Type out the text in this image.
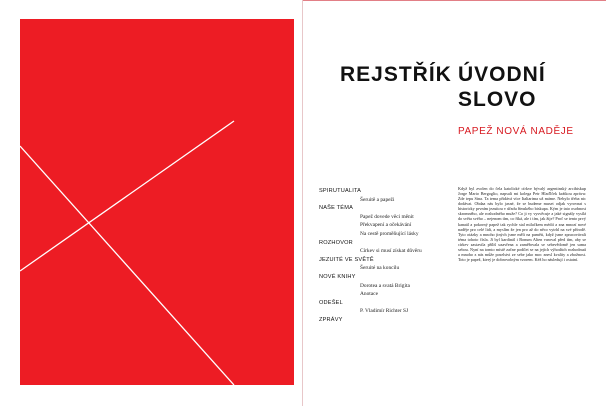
REJSTŘÍK ÚVODNÍ SLOVO
PAPEŽ NOVÁ NADĚJE
SPIRUTUALITA
Šeruitě a papeži
NAŠE TÉMA
Papež dovede věci měnit
Překvapení a očekávání
Na cestě proměňující lásky
ROZHOVOR
Církev si musí získat důvěru
JEZUITÉ VE SVĚTĚ
Šeruité na koncilu
NOVÉ KNIHY
Dorotea a svatá Brigita
Anotace
ODEŠEL
P. Vladimír Richter SJ
ZPRÁVY

Když byl zvolen do čela katolické církve bývalý argentinský arcibiskup Jorge Mario Bergoglio, napsali mi kolega Petr Hlaďlček krátkou zprávu: Zde tepu Sina. Ta tema přidává více Italiarima už máme. Nebylo třeba nic dodávat. Obdaa nás bylo jasné, že se budeme muset odjak vyrovnat s historicky prvním jezuitou v úřadu římského biskupa. Kým je tato osobnost skromného, ale rozhodného muže? Co ji vy vysvěcuje a jaké signály vysílá do světa svého – nejenom tím, co říká, ale i tím, jak žije? Proč se tento prvý kanaál a pokorný papež tak rychle stal milačkem médií a zna mnozí nové naděje pro celé lidi, a myslím že jen pro až do něco vytrhl na své přírodě. Tyto otázky a mnoho jiných jsme měli na paměti, když jsme zpracovávali téma tohoto čísla. Jí byl kardinál i Bonum Alten varoval před tím, aby se církev zastavila příliš uzavřena a zaměřovala se sebevědomě jen sama sebou. Nyní na tomto místě začne podílet se na jejích výhodách rozhodnutí a mnoho z nás může poselstvi ze sebe jako moc znesl kvality a zbožnost. Toto je papež, který je dobrovolným vzorem. Kéž ho následují i ostatní.
